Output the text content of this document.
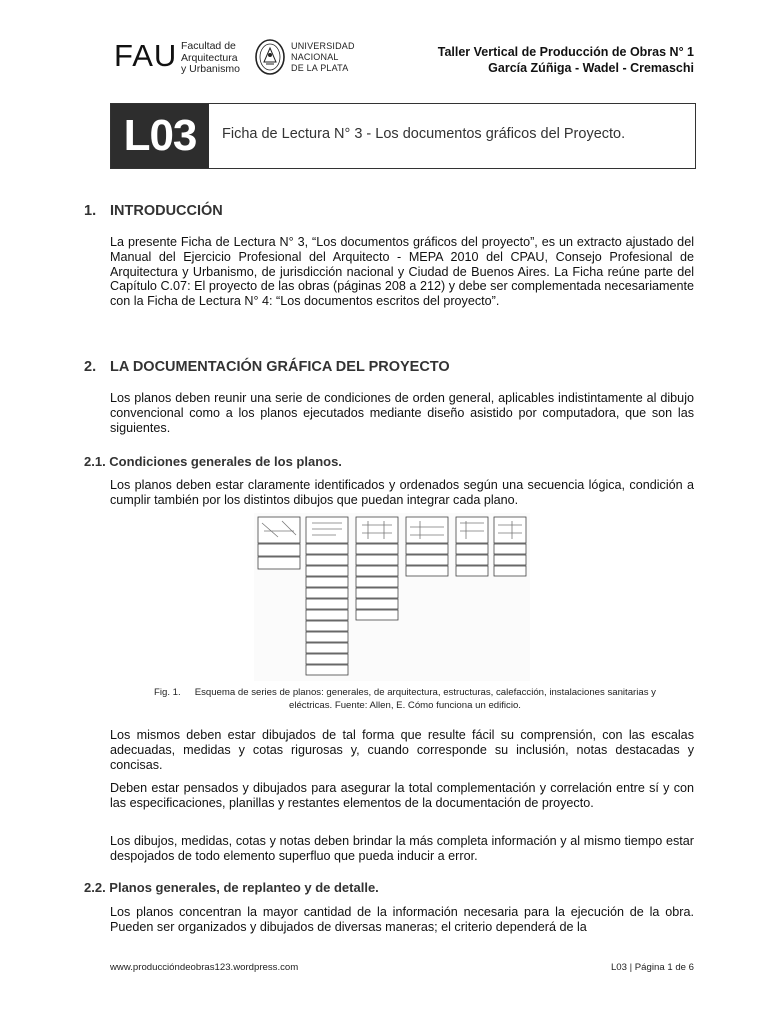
FAU Facultad de
Arquitectura
y Urbanismo
UNIVERSIDAD
NACIONAL
DE LA PLATA
Taller Vertical de Producción de Obras N° 1
García Zúñiga - Wadel - Cremaschi
L03	Ficha de Lectura N° 3 - Los documentos gráficos del Proyecto.
1. INTRODUCCIÓN

La presente Ficha de Lectura N° 3, “Los documentos gráficos del proyecto”, es un extracto ajustado del Manual del Ejercicio Profesional del Arquitecto - MEPA 2010 del CPAU, Consejo Profesional de Arquitectura y Urbanismo, de jurisdicción nacional y Ciudad de Buenos Aires. La Ficha reúne parte del Capítulo C.07: El proyecto de las obras (páginas 208 a 212) y debe ser complementada necesariamente con la Ficha de Lectura N° 4: “Los documentos escritos del proyecto”.

2. LA DOCUMENTACIÓN GRÁFICA DEL PROYECTO

Los planos deben reunir una serie de condiciones de orden general, aplicables indistintamente al dibujo convencional como a los planos ejecutados mediante diseño asistido por computadora, que son las siguientes.

2.1. Condiciones generales de los planos.

Los planos deben estar claramente identificados y ordenados según una secuencia lógica, condición a cumplir también por los distintos dibujos que puedan integrar cada plano.

Fig. 1. Esquema de series de planos: generales, de arquitectura, estructuras, calefacción, instalaciones sanitarias y
eléctricas. Fuente: Allen, E. Cómo funciona un edificio.

Los mismos deben estar dibujados de tal forma que resulte fácil su comprensión, con las escalas adecuadas, medidas y cotas rigurosas y, cuando corresponde su inclusión, notas destacadas y concisas.

Deben estar pensados y dibujados para asegurar la total complementación y correlación entre sí y con las especificaciones, planillas y restantes elementos de la documentación de proyecto.

Los dibujos, medidas, cotas y notas deben brindar la más completa información y al mismo tiempo estar despojados de todo elemento superfluo que pueda inducir a error.

2.2. Planos generales, de replanteo y de detalle.

Los planos concentran la mayor cantidad de la información necesaria para la ejecución de la obra. Pueden ser organizados y dibujados de diversas maneras; el criterio dependerá de la

www.produccióndeobras123.wordpress.com	L03 | Página 1 de 6
